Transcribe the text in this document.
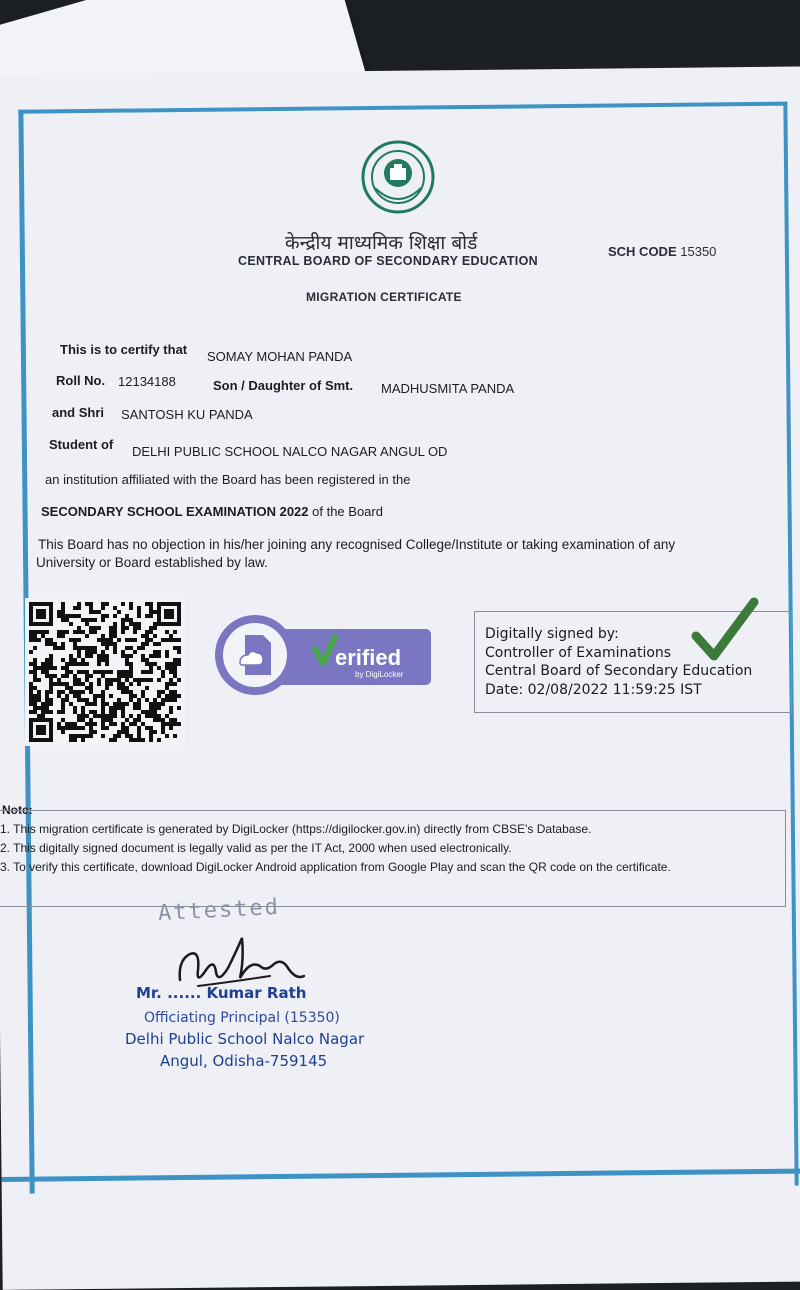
केन्द्रीय माध्यमिक शिक्षा बोर्ड
CENTRAL BOARD OF SECONDARY EDUCATION
SCH CODE 15350
MIGRATION CERTIFICATE
This is to certify that SOMAY MOHAN PANDA
Roll No. 12134188	Son / Daughter of Smt. MADHUSMITA PANDA
and Shri SANTOSH KU PANDA
Student of DELHI PUBLIC SCHOOL NALCO NAGAR ANGUL OD
an institution affiliated with the Board has been registered in the
SECONDARY SCHOOL EXAMINATION 2022 of the Board
This Board has no objection in his/her joining any recognised College/Institute or taking examination of any
University or Board established by law.
erified
by DigiLocker
Digitally signed by:
Controller of Examinations
Central Board of Secondary Education
Date: 02/08/2022 11:59:25 IST
Note:
1. This migration certificate is generated by DigiLocker (https://digilocker.gov.in) directly from CBSE's Database.
2. This digitally signed document is legally valid as per the IT Act, 2000 when used electronically.
3. To verify this certificate, download DigiLocker Android application from Google Play and scan the QR code on the certificate.
Attested
Mr. ...... Kumar Rath
Officiating Principal (15350)
Delhi Public School Nalco Nagar
Angul, Odisha-759145
